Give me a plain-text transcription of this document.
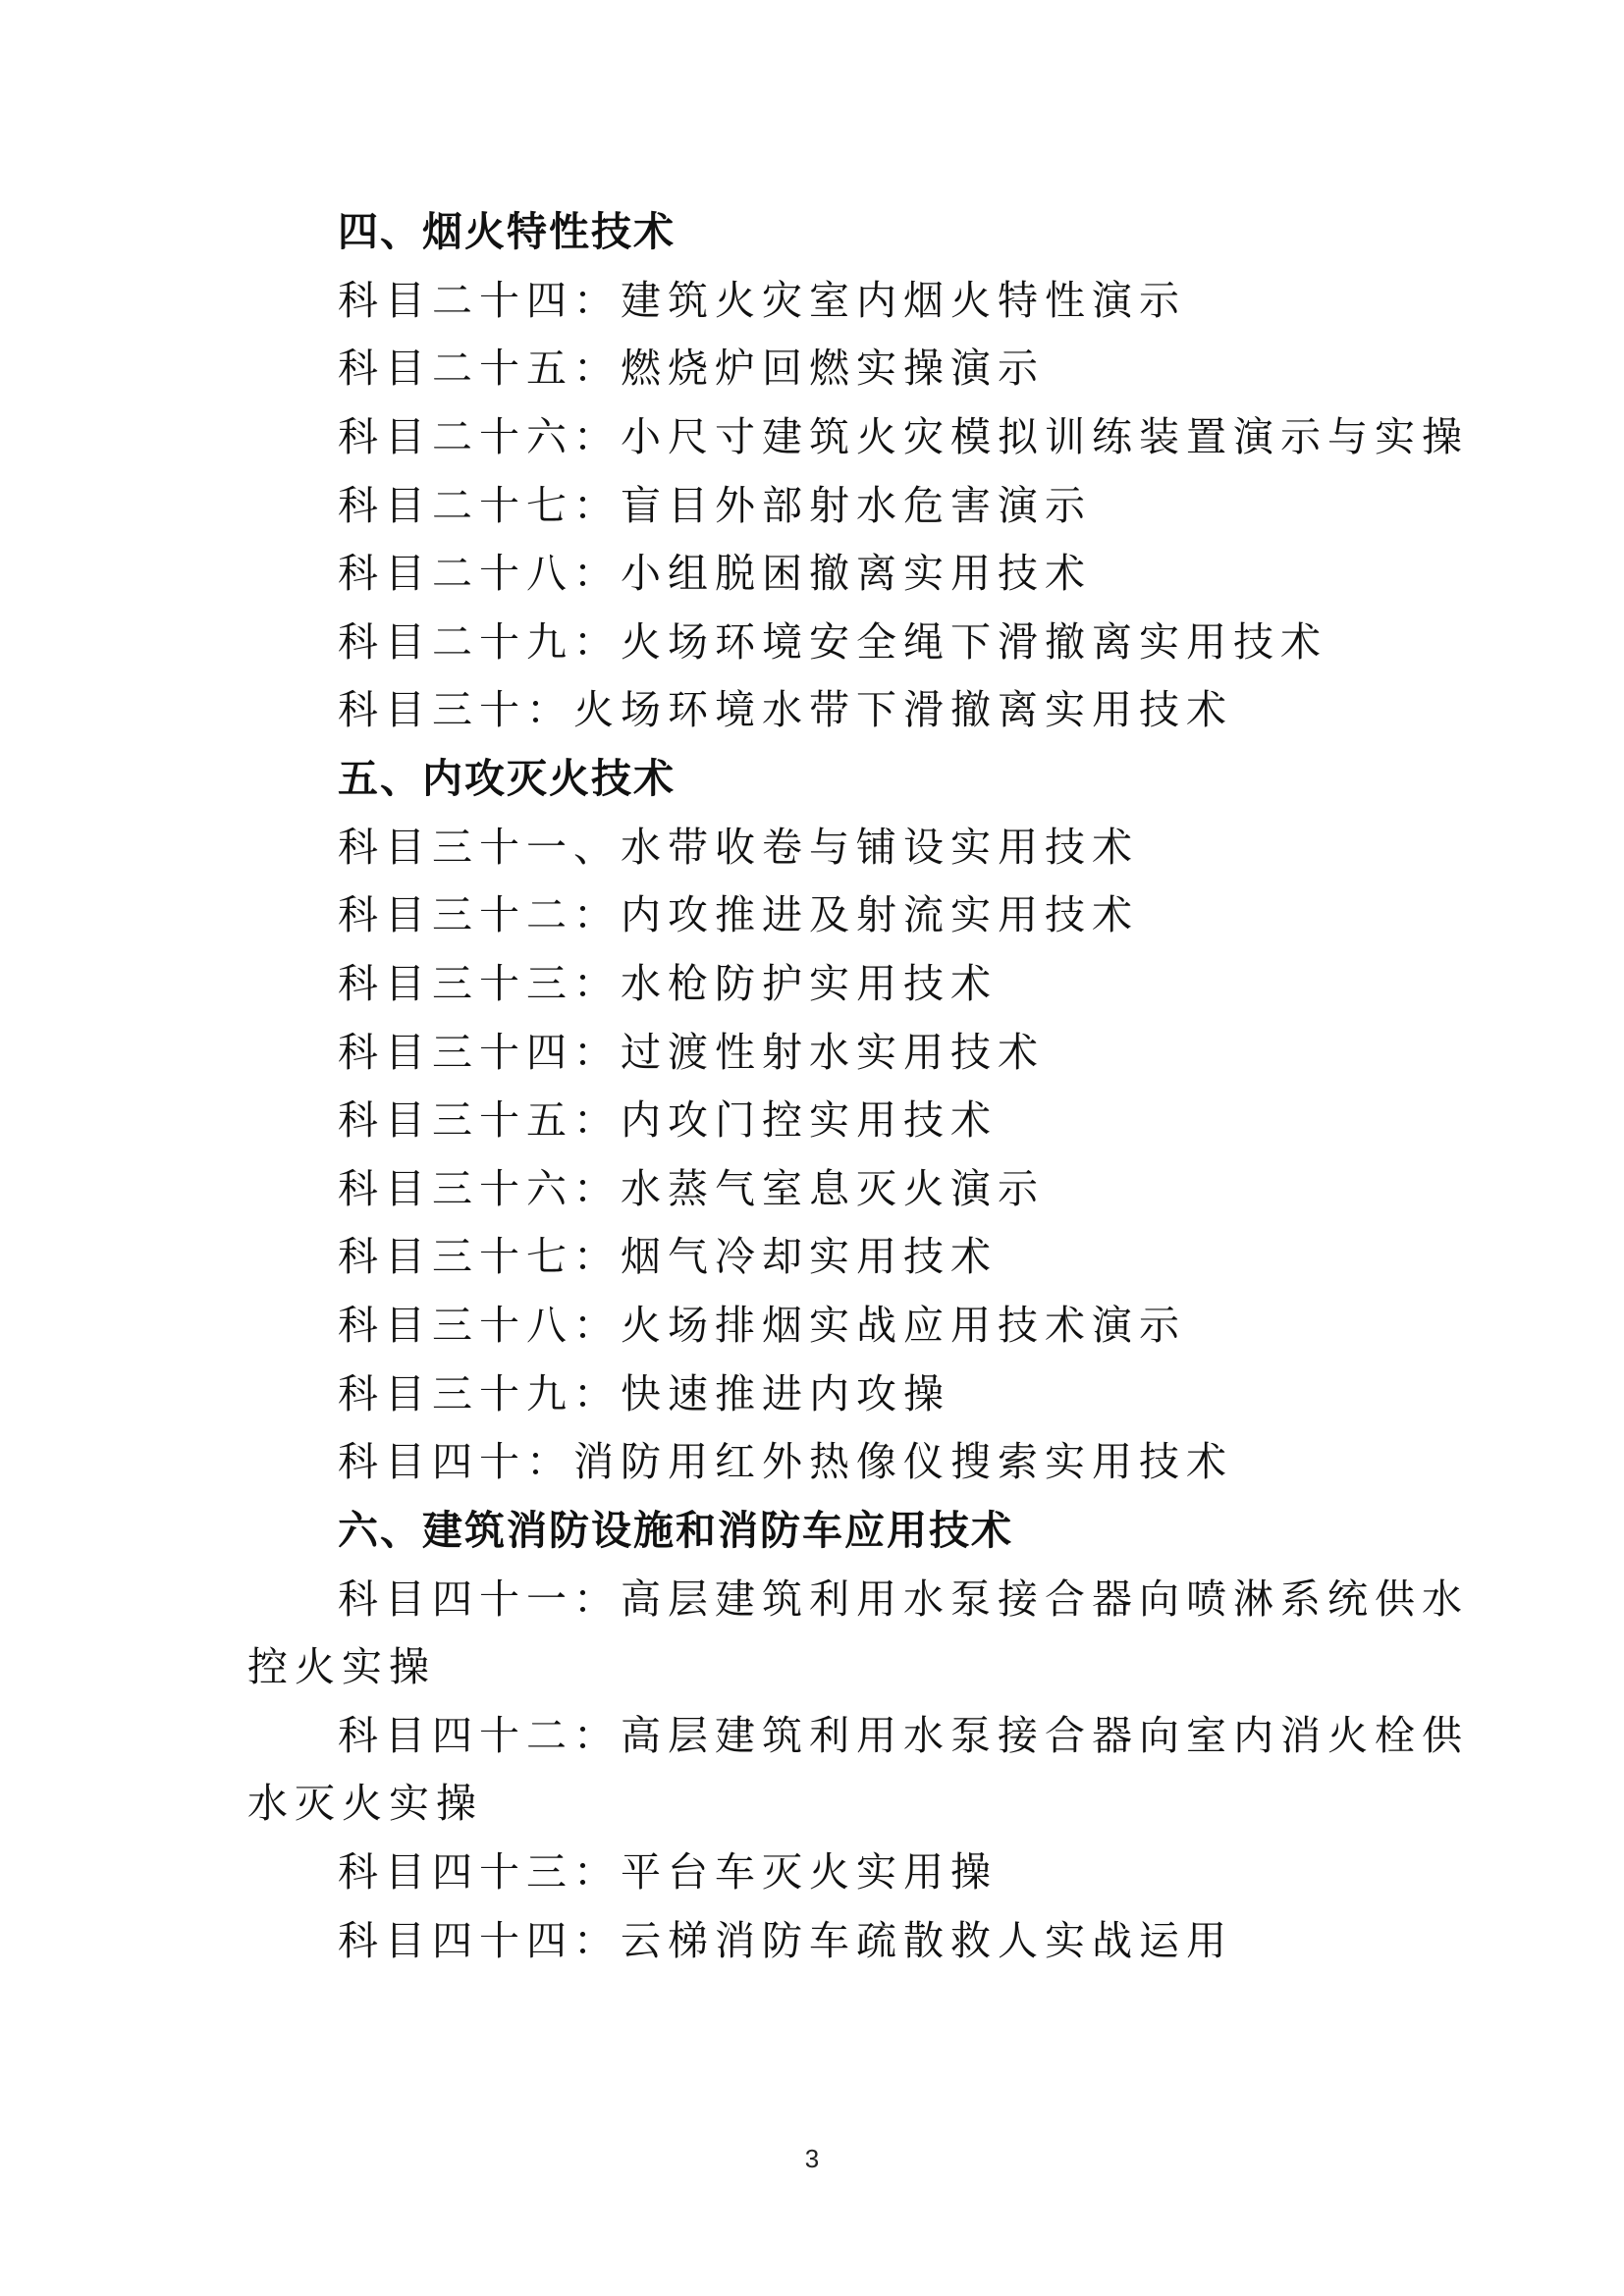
四、烟火特性技术
科目二十四：建筑火灾室内烟火特性演示
科目二十五：燃烧炉回燃实操演示
科目二十六：小尺寸建筑火灾模拟训练装置演示与实操
科目二十七：盲目外部射水危害演示
科目二十八：小组脱困撤离实用技术
科目二十九：火场环境安全绳下滑撤离实用技术
科目三十：火场环境水带下滑撤离实用技术
五、内攻灭火技术
科目三十一、水带收卷与铺设实用技术
科目三十二：内攻推进及射流实用技术
科目三十三：水枪防护实用技术
科目三十四：过渡性射水实用技术
科目三十五：内攻门控实用技术
科目三十六：水蒸气室息灭火演示
科目三十七：烟气冷却实用技术
科目三十八：火场排烟实战应用技术演示
科目三十九：快速推进内攻操
科目四十：消防用红外热像仪搜索实用技术
六、建筑消防设施和消防车应用技术
科目四十一：高层建筑利用水泵接合器向喷淋系统供水
控火实操
科目四十二：高层建筑利用水泵接合器向室内消火栓供
水灭火实操
科目四十三：平台车灭火实用操
科目四十四：云梯消防车疏散救人实战运用
3
